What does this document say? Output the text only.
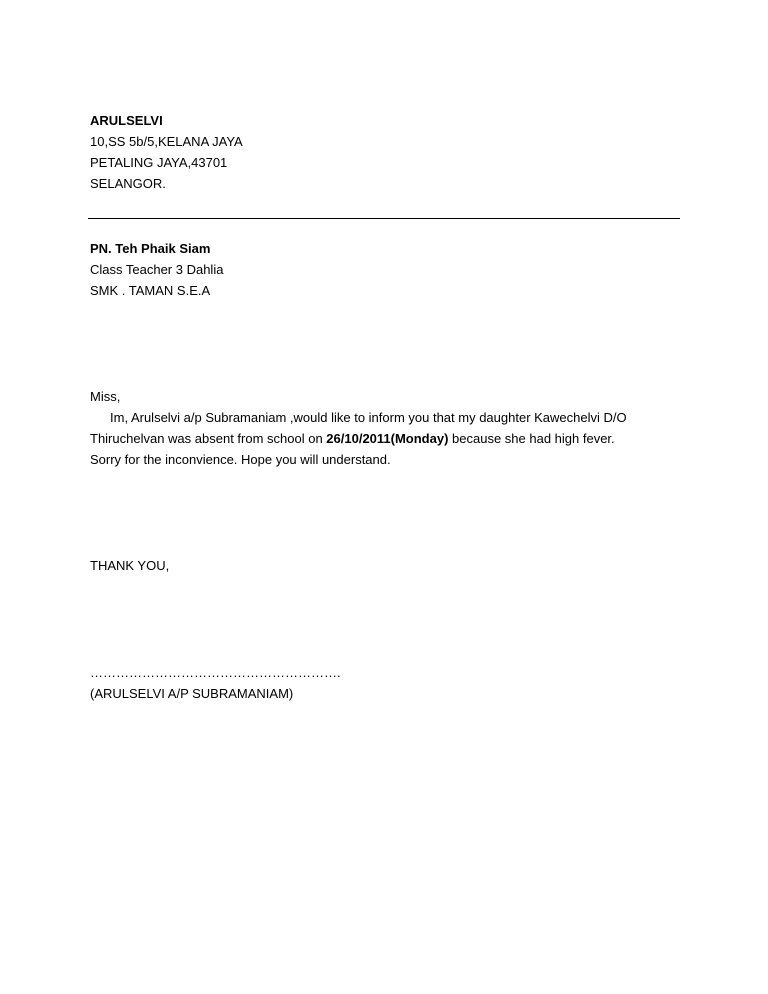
ARULSELVI
10,SS 5b/5,KELANA JAYA
PETALING JAYA,43701
SELANGOR.
PN. Teh Phaik Siam
Class Teacher 3 Dahlia
SMK . TAMAN S.E.A
Miss,
Im, Arulselvi a/p Subramaniam ,would like to inform you that my daughter Kawechelvi D/O
Thiruchelvan was absent from school on 26/10/2011(Monday) because she had high fever.
Sorry for the inconvience. Hope you will understand.
THANK YOU,
………………………………………………….
(ARULSELVI A/P SUBRAMANIAM)
